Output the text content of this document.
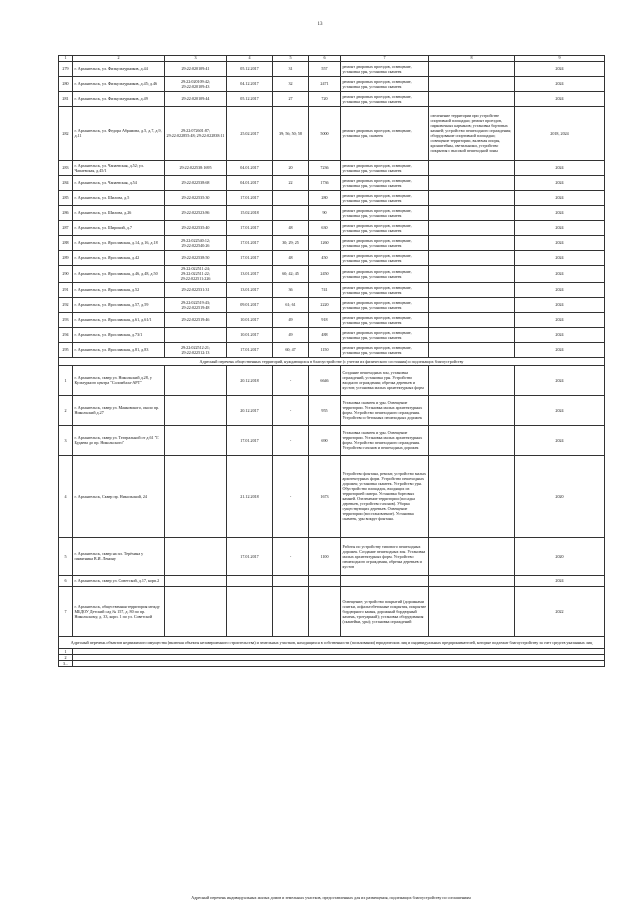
13
1	2	3	4	5	6	7	8	9
279	г. Архангельск, ул. Физкультурников, д.44	29:22:020109:41	05.12.2017	31	557	ремонт дворовых проездов, освещение, установка урн, установка скамеек		2024
280	г. Архангельск, ул. Физкультурников, д.45; д.46	29:22:020109:42; 29:22:020109:43	04.12.2017	32	2471	ремонт дворовых проездов, освещение, установка урн, установка скамеек		2024
281	г. Архангельск, ул. Физкультурников, д.49	29:22:020109:44	05.12.2017	27	720	ремонт дворовых проездов, освещение, установка урн, установка скамеек		2024
282	г. Архангельск, ул. Федора Абрамова, д.5, д.7, д.9, д.11	29:22:072601:87; 29:22:022855:48; 29:22:022838:11	25.02.2017	39; 56; 50; 58	5000	ремонт дворовых проездов, освещение, установка урн, скамеек	озеленение территории при устройстве спортивной площадки; ремонт проездов, парковочных карманов; установка бортовых камней; устройство пешеходного ограждения; оборудование спортивной площадки; освещение территории, включая опоры, кронштейны, светильники, устройство покрытия с высокой пешеходной зоны	2018, 2024
283	г. Архангельск, ул. Чапаевская, д.52; ул. Чапаевская, д.45/1	29:22:022538:1695	04.01.2017	20	7236	ремонт дворовых проездов, освещение, установка урн, установка скамеек		2024
284	г. Архангельск, ул. Чапаевская, д.54	29:22:022538:68	04.01.2017	22	1736	ремонт дворовых проездов, освещение, установка урн, установка скамеек		2024
285	г. Архангельск, ул. Шилова, д.5	29:22:022535:30	17.01.2017		280	ремонт дворовых проездов, освещение, установка урн, установка скамеек		2024
286	г. Архангельск, ул. Шилова, д.26	29:22:022523:86	15.02.2018		90	ремонт дворовых проездов, освещение, установка урн, установка скамеек		2024
287	г. Архангельск, ул. Широкий, д.7	29:22:022535:40	17.01.2017	48	630	ремонт дворовых проездов, освещение, установка урн, установка скамеек		2024
288	г. Архангельск, ул. Ярославская, д.14, д.16, д.18	29:22:022540:12; 29:22:022540:26	17.01.2017	30; 29; 25	1260	ремонт дворовых проездов, освещение, установка урн, установка скамеек		2024
289	г. Архангельск, ул. Ярославская, д.42	29:22:022538:50	17.01.2017	48	450	ремонт дворовых проездов, освещение, установка урн, установка скамеек		2024
290	г. Архангельск, ул. Ярославская, д.46, д.48, д.50	29:22:022511:24; 29:22:022511:22; 29:22:022511:226	13.01.2017	60; 42; 45	2450	ремонт дворовых проездов, освещение, установка урн, установка скамеек		2024
291	г. Архангельск, ул. Ярославская, д.52	29:22:022531:31	13.01.2017	36	741	ремонт дворовых проездов, освещение, установка урн, установка скамеек		2024
292	г. Архангельск, ул. Ярославская, д.57, д.59	29:22:022519:43; 29:22:022519:48	09.01.2017	61; 61	2220	ремонт дворовых проездов, освещение, установка урн, установка скамеек		2024
293	г. Архангельск, ул. Ярославская, д.61, д.61/1	29:22:022519:46	10.01.2017	49	918	ремонт дворовых проездов, освещение, установка урн, установка скамеек		2024
294	г. Архангельск, ул. Ярославская, д.73/1		10.01.2017	49	488	ремонт дворовых проездов, освещение, установка урн, установка скамеек		2024
295	г. Архангельск, ул. Ярославская, д.81, д.83	29:22:022512:21; 29:22:022512:13	17.01.2017	60; 47	1150	ремонт дворовых проездов, освещение, установка урн, установка скамеек		2024
Адресный перечень общественных территорий, нуждающихся в благоустройстве (с учетом их физического состояния) и подлежащих благоустройству								
1	г. Архангельск, сквер ул. Никольский д.28, у Культурного центра "Соломбала-АРТ"		20.12.2018	-	6646	Создание пешеходных зон, установка ограждений, установка урн. Устройство входного ограждения; обрезка деревьев и кустов; установка малых архитектурных форм		2024
2	г. Архангельск, сквер ул. Маяковского, около пр. Никольский д.27		20.12.2017	-	955	Установка скамеек и урн. Освещение территории. Установка малых архитектурных форм. Устройство пешеходного ограждения. Устройство и бетонных пешеходных дорожек		2024
3	г. Архангельск, сквер ул. Театральной от д.61 "Г. Будаева до пр. Никольского"		17.01.2017	-	690	Установка скамеек и урн. Освещение территории. Установка малых архитектурных форм. Устройство пешеходного ограждения. Устройство газонов и пешеходных дорожек		2024
4	г. Архангельск, Сквер пр. Никольский, 24		21.12.2018	-	1673	Устройство фонтана, ремонт, устройство малых архитектурных форм. Устройство пешеходных дорожек; установка скамеек. Устройство урн. Обустройство площадок, входящих из территорией сквера. Установка бортовых камней. Озеленение территории (посадка деревьев, устройство газонов). Уборка существующих деревьев. Освещение территории (восстановление). Установка скамеек, урн вокруг фонтана.		2020
5	г. Архангельск, сквер на пл. Терёхина у памятника В.И. Ленину		17.01.2017	-	1100	Работы по устройству типового пешеходных дорожек. Создание пешеходных зон. Установка малых архитектурных форм. Устройство пешеходного ограждения, обрезка деревьев и кустов		2020
6	г. Архангельск, сквер ул. Советской, д.17, корп.2							2024
7	г. Архангельск, общественная территория между МБДОУ Детский сад № 157, д. 80 по пр. Никольскому, д. 33, корп. 1 по ул. Советской					Освещение; устройство покрытий (дорожками плитки, асфальтобетонные покрытия, покрытие бордюрного камня, дорожный бордюрный камень, тротуарный); установка оборудования (скамейки, урн); установка ограждений		2022
Адресный перечень объектов недвижимого имущества (включая объекты незавершенного строительства) и земельных участков, находящихся в собственности (пользовании) юридических лиц и индивидуальных предпринимателей, которые подлежат благоустройству за счет средств указанных лиц								
1								
2								
3...								
Адресный перечень индивидуальных жилых домов и земельных участков, предоставленных для их размещения, подлежащих благоустройству по соглашениям
